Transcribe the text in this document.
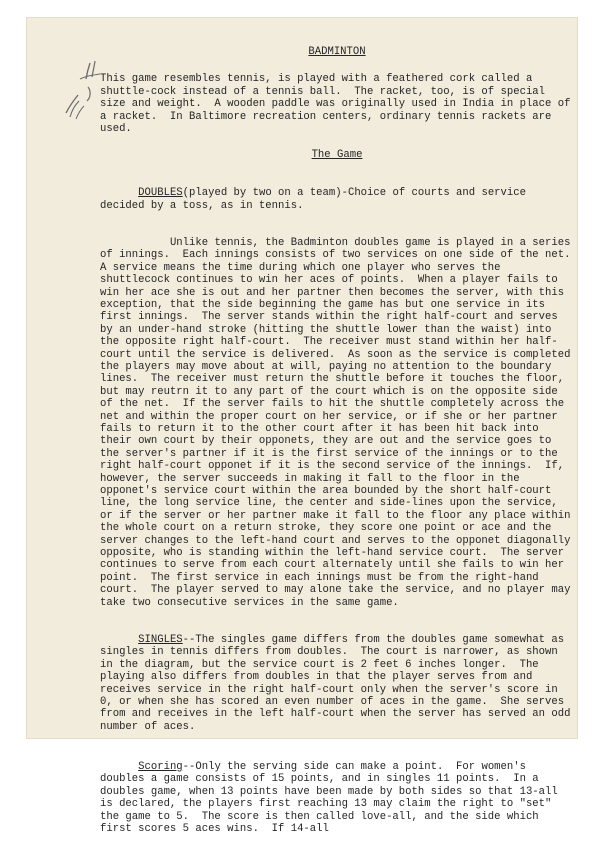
BADMINTON

This game resembles tennis, is played with a feathered cork called a shuttle-cock instead of a tennis ball.  The racket, too, is of special size and weight.  A wooden paddle was originally used in India in place of a racket.  In Baltimore recreation centers, ordinary tennis rackets are used.

The Game

DOUBLES(played by two on a team)-Choice of courts and service decided by a toss, as in tennis.

Unlike tennis, the Badminton doubles game is played in a series of innings.  Each innings consists of two services on one side of the net.  A service means the time during which one player who serves the shuttlecock continues to win her aces of points.  When a player fails to win her ace she is out and her partner then becomes the server, with this exception, that the side beginning the game has but one service in its first innings.  The server stands within the right half-court and serves by an under-hand stroke (hitting the shuttle lower than the waist) into the opposite right half-court.  The receiver must stand within her half-court until the service is delivered.  As soon as the service is completed the players may move about at will, paying no attention to the boundary lines.  The receiver must return the shuttle before it touches the floor, but may reutrn it to any part of the court which is on the opposite side of the net.  If the server fails to hit the shuttle completely across the net and within the proper court on her service, or if she or her partner fails to return it to the other court after it has been hit back into their own court by their opponets, they are out and the service goes to the server's partner if it is the first service of the innings or to the right half-court opponet if it is the second service of the innings.  If, however, the server succeeds in making it fall to the floor in the opponet's service court within the area bounded by the short half-court line, the long service line, the center and side-lines upon the service, or if the server or her partner make it fall to the floor any place within the whole court on a return stroke, they score one point or ace and the server changes to the left-hand court and serves to the opponet diagonally opposite, who is standing within the left-hand service court.  The server continues to serve from each court alternately until she fails to win her point.  The first service in each innings must be from the right-hand court.  The player served to may alone take the service, and no player may take two consecutive services in the same game.

SINGLES--The singles game differs from the doubles game somewhat as singles in tennis differs from doubles.  The court is narrower, as shown in the diagram, but the service court is 2 feet 6 inches longer.  The playing also differs from doubles in that the player serves from and receives service in the right half-court only when the server's score in 0, or when she has scored an even number of aces in the game.  She serves from and receives in the left half-court when the server has served an odd number of aces.

Scoring--Only the serving side can make a point.  For women's doubles a game consists of 15 points, and in singles 11 points.  In a doubles game, when 13 points have been made by both sides so that 13-all is declared, the players first reaching 13 may claim the right to "set" the game to 5.  The score is then called love-all, and the side which first scores 5 aces wins.  If 14-all
